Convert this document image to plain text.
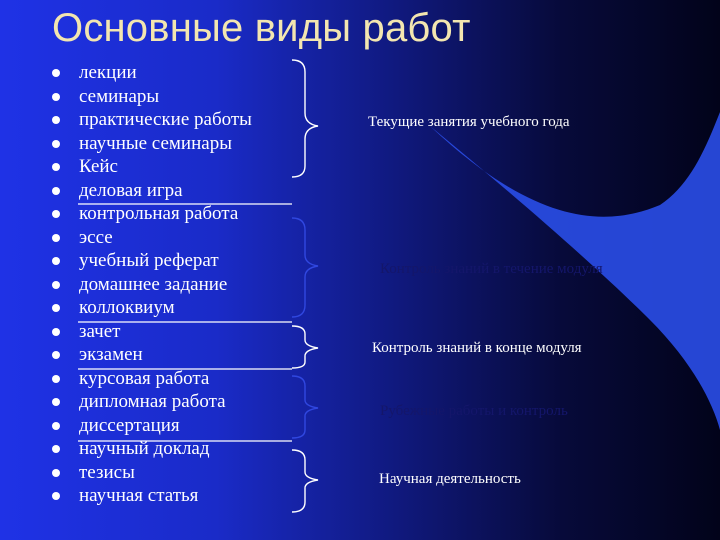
Основные виды работ
лекции
семинары
практические работы
научные семинары
Кейс
деловая игра
контрольная работа
эссе
учебный реферат
домашнее задание
коллоквиум
зачет
экзамен
курсовая работа
дипломная работа
диссертация
научный доклад
тезисы
научная статья
Текущие занятия учебного года
Контроль знаний в течение модуля
Контроль знаний в конце модуля
Рубежные работы и контроль
Научная деятельность
